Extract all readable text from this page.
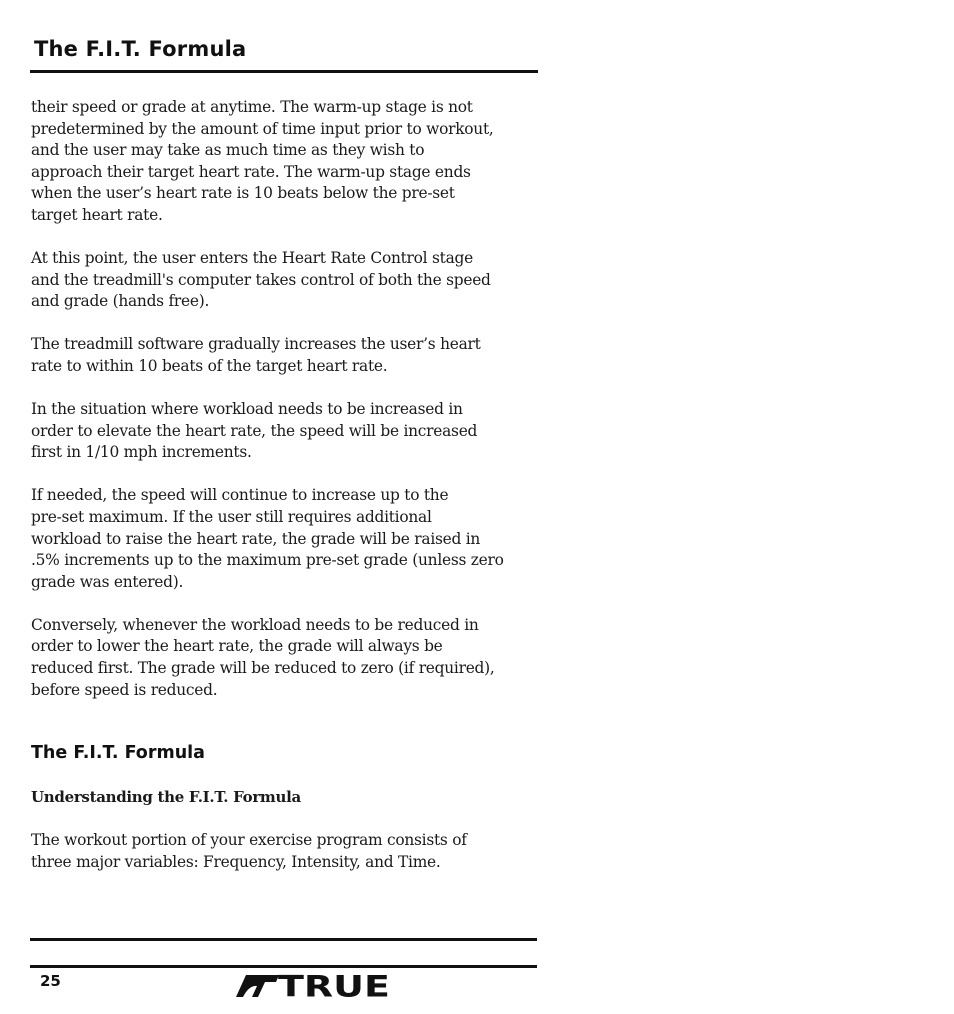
The F.I.T. Formula

their speed or grade at anytime. The warm-up stage is not
predetermined by the amount of time input prior to workout,
and the user may take as much time as they wish to
approach their target heart rate. The warm-up stage ends
when the user’s heart rate is 10 beats below the pre-set
target heart rate.

At this point, the user enters the Heart Rate Control stage
and the treadmill's computer takes control of both the speed
and grade (hands free).

The treadmill software gradually increases the user’s heart
rate to within 10 beats of the target heart rate.

In the situation where workload needs to be increased in
order to elevate the heart rate, the speed will be increased
first in 1/10 mph increments.

If needed, the speed will continue to increase up to the
pre-set maximum. If the user still requires additional
workload to raise the heart rate, the grade will be raised in
.5% increments up to the maximum pre-set grade (unless zero
grade was entered).

Conversely, whenever the workload needs to be reduced in
order to lower the heart rate, the grade will always be
reduced first. The grade will be reduced to zero (if required),
before speed is reduced.

The F.I.T. Formula
Understanding the F.I.T. Formula

The workout portion of your exercise program consists of
three major variables: Frequency, Intensity, and Time.

25	TRUE
